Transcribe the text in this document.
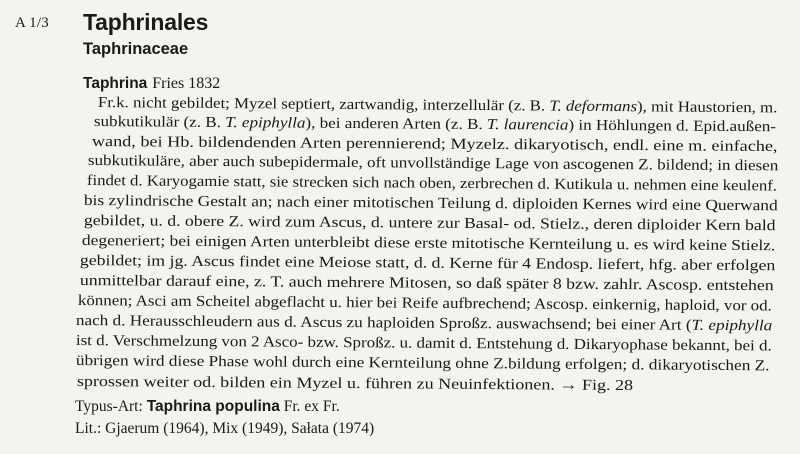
A 1/3 Taphrinales
Taphrinaceae
Taphrina Fries 1832
Fr.k. nicht gebildet; Myzel septiert, zartwandig, interzellulär (z. B. T. deformans), mit Haustorien, m.
subkutikulär (z. B. T. epiphylla), bei anderen Arten (z. B. T. laurencia) in Höhlungen d. Epid.außen-
wand, bei Hb. bildendenden Arten perennierend; Myzelz. dikaryotisch, endl. eine m. einfache,
subkutikuläre, aber auch subepidermale, oft unvollständige Lage von ascogenen Z. bildend; in diesen
findet d. Karyogamie statt, sie strecken sich nach oben, zerbrechen d. Kutikula u. nehmen eine keulenf.
bis zylindrische Gestalt an; nach einer mitotischen Teilung d. diploiden Kernes wird eine Querwand
gebildet, u. d. obere Z. wird zum Ascus, d. untere zur Basal- od. Stielz., deren diploider Kern bald
degeneriert; bei einigen Arten unterbleibt diese erste mitotische Kernteilung u. es wird keine Stielz.
gebildet; im jg. Ascus findet eine Meiose statt, d. d. Kerne für 4 Endosp. liefert, hfg. aber erfolgen
unmittelbar darauf eine, z. T. auch mehrere Mitosen, so daß später 8 bzw. zahlr. Ascosp. entstehen
können; Asci am Scheitel abgeflacht u. hier bei Reife aufbrechend; Ascosp. einkernig, haploid, vor od.
nach d. Herausschleudern aus d. Ascus zu haploiden Sproßz. auswachsend; bei einer Art (T. epiphylla
ist d. Verschmelzung von 2 Asco- bzw. Sproßz. u. damit d. Entstehung d. Dikaryophase bekannt, bei d.
übrigen wird diese Phase wohl durch eine Kernteilung ohne Z.bildung erfolgen; d. dikaryotischen Z.
sprossen weiter od. bilden ein Myzel u. führen zu Neuinfektionen. → Fig. 28
Typus-Art: Taphrina populina Fr. ex Fr.
Lit.: Gjaerum (1964), Mix (1949), Sałata (1974)
